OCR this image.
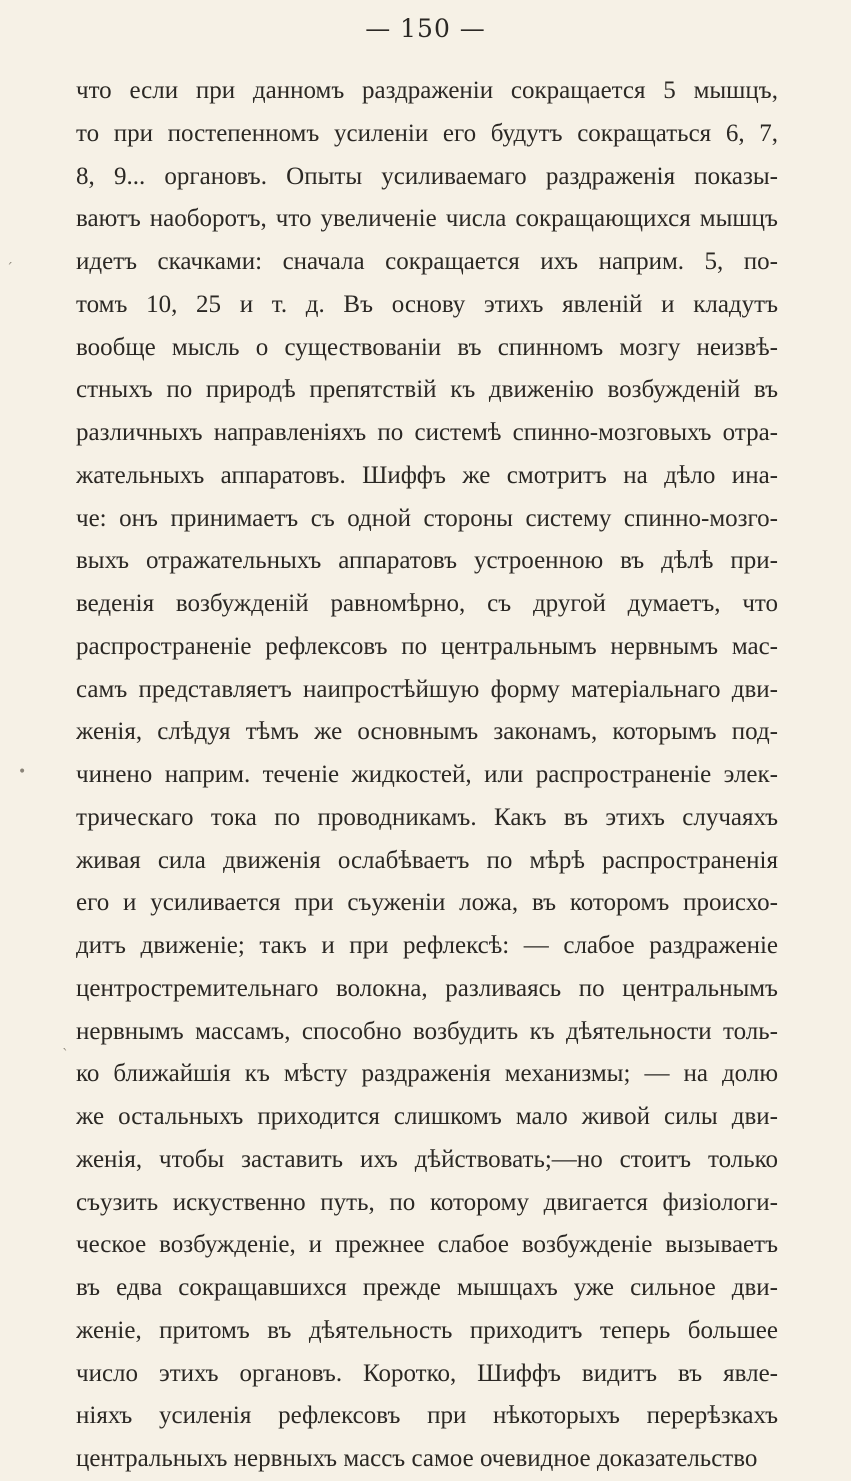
— 150 —
ˊ
•
ˋ
что если при данномъ раздраженіи сокращается 5 мышцъ,
то при постепенномъ усиленіи его будутъ сокращаться 6, 7,
8, 9... органовъ. Опыты усиливаемаго раздраженія показы-
ваютъ наоборотъ, что увеличеніе числа сокращающихся мышцъ
идетъ скачками: сначала сокращается ихъ наприм. 5, по-
томъ 10, 25 и т. д. Въ основу этихъ явленій и кладутъ
вообще мысль о существованіи въ спинномъ мозгу неизвѣ-
стныхъ по природѣ препятствій къ движенію возбужденій въ
различныхъ направленіяхъ по системѣ спинно-мозговыхъ отра-
жательныхъ аппаратовъ. Шиффъ же смотритъ на дѣло ина-
че: онъ принимаетъ съ одной стороны систему спинно-мозго-
выхъ отражательныхъ аппаратовъ устроенною въ дѣлѣ при-
веденія возбужденій равномѣрно, съ другой думаетъ, что
распространеніе рефлексовъ по центральнымъ нервнымъ мас-
самъ представляетъ наипростѣйшую форму матеріальнаго дви-
женія, слѣдуя тѣмъ же основнымъ законамъ, которымъ под-
чинено наприм. теченіе жидкостей, или распространеніе элек-
трическаго тока по проводникамъ. Какъ въ этихъ случаяхъ
живая сила движенія ослабѣваетъ по мѣрѣ распространенія
его и усиливается при съуженіи ложа, въ которомъ происхо-
дитъ движеніе; такъ и при рефлексѣ: — слабое раздраженіе
центростремительнаго волокна, разливаясь по центральнымъ
нервнымъ массамъ, способно возбудить къ дѣятельности толь-
ко ближайшія къ мѣсту раздраженія механизмы; — на долю
же остальныхъ приходится слишкомъ мало живой силы дви-
женія, чтобы заставить ихъ дѣйствовать;—но стоитъ только
съузить искуственно путь, по которому двигается физіологи-
ческое возбужденіе, и прежнее слабое возбужденіе вызываетъ
въ едва сокращавшихся прежде мышцахъ уже сильное дви-
женіе, притомъ въ дѣятельность приходитъ теперь большее
число этихъ органовъ. Коротко, Шиффъ видитъ въ явле-
ніяхъ усиленія рефлексовъ при нѣкоторыхъ перерѣзкахъ
центральныхъ нервныхъ массъ самое очевидное доказательство
